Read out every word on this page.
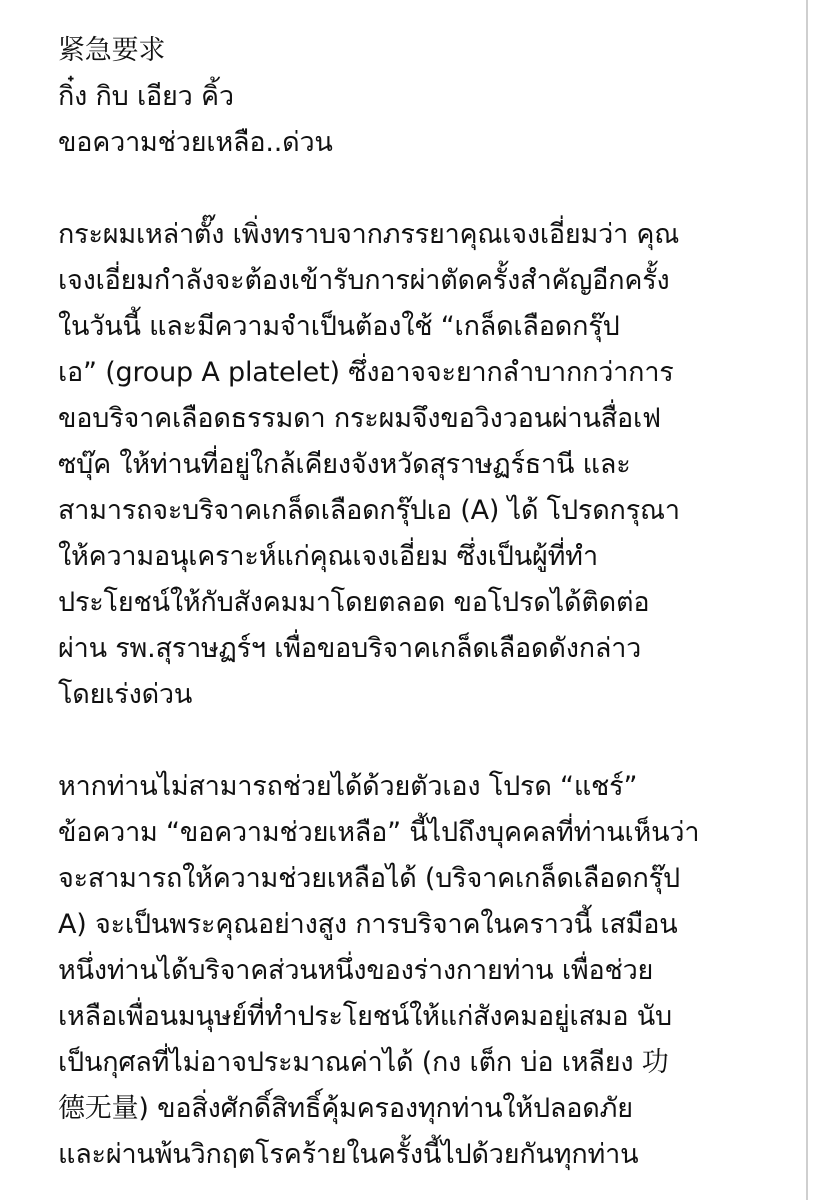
紧急要求
กิ๋ง กิบ เอียว คิ้ว
ขอความช่วยเหลือ..ด่วน
กระผมเหล่าตั๊ง เพิ่งทราบจากภรรยาคุณเจงเอี่ยมว่า คุณ
เจงเอี่ยมกำลังจะต้องเข้ารับการผ่าตัดครั้งสำคัญอีกครั้ง
ในวันนี้ และมีความจำเป็นต้องใช้ “เกล็ดเลือดกรุ๊ป
เอ” (group A platelet) ซึ่งอาจจะยากลำบากกว่าการ
ขอบริจาคเลือดธรรมดา กระผมจึงขอวิงวอนผ่านสื่อเฟ
ซบุ๊ค ให้ท่านที่อยู่ใกล้เคียงจังหวัดสุราษฏร์ธานี และ
สามารถจะบริจาคเกล็ดเลือดกรุ๊ปเอ (A) ได้ โปรดกรุณา
ให้ความอนุเคราะห์แก่คุณเจงเอี่ยม ซึ่งเป็นผู้ที่ทำ
ประโยชน์ให้กับสังคมมาโดยตลอด ขอโปรดได้ติดต่อ
ผ่าน รพ.สุราษฏร์ฯ เพื่อขอบริจาคเกล็ดเลือดดังกล่าว
โดยเร่งด่วน
หากท่านไม่สามารถช่วยได้ด้วยตัวเอง โปรด “แชร์”
ข้อความ “ขอความช่วยเหลือ” นี้ไปถึงบุคคลที่ท่านเห็นว่า
จะสามารถให้ความช่วยเหลือได้ (บริจาคเกล็ดเลือดกรุ๊ป
A) จะเป็นพระคุณอย่างสูง การบริจาคในคราวนี้ เสมือน
หนึ่งท่านได้บริจาคส่วนหนึ่งของร่างกายท่าน เพื่อช่วย
เหลือเพื่อนมนุษย์ที่ทำประโยชน์ให้แก่สังคมอยู่เสมอ นับ
เป็นกุศลที่ไม่อาจประมาณค่าได้ (กง เต็ก บ่อ เหลียง 功
德无量) ขอสิ่งศักดิ์สิทธิ์คุ้มครองทุกท่านให้ปลอดภัย
และผ่านพ้นวิกฤตโรคร้ายในครั้งนี้ไปด้วยกันทุกท่าน
